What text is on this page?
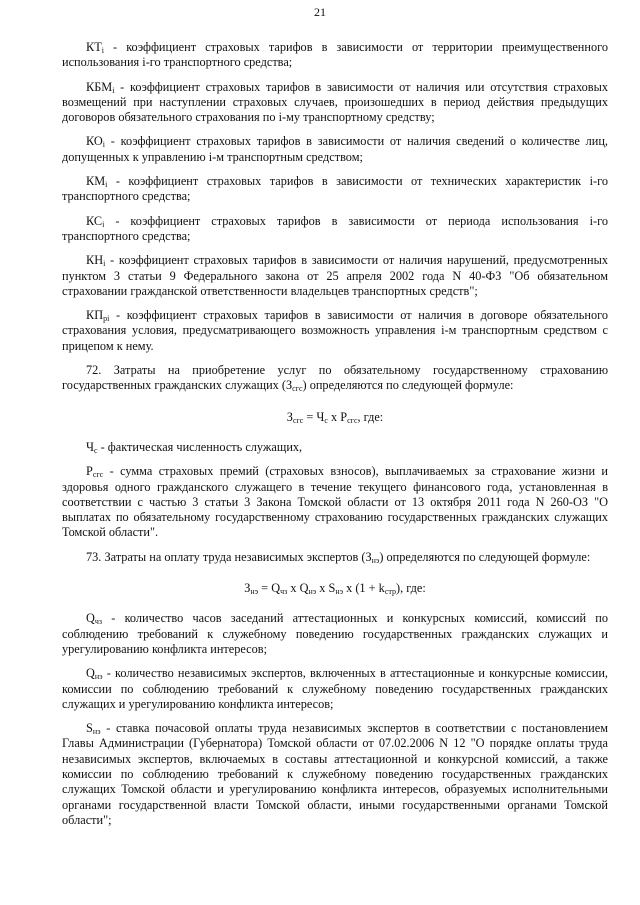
21

$КТ_i$ - коэффициент страховых тарифов в зависимости от территории преимущественного использования i-го транспортного средства;

$КБМ_i$ - коэффициент страховых тарифов в зависимости от наличия или отсутствия страховых возмещений при наступлении страховых случаев, произошедших в период действия предыдущих договоров обязательного страхования по i-му транспортному средству;

$КО_i$ - коэффициент страховых тарифов в зависимости от наличия сведений о количестве лиц, допущенных к управлению i-м транспортным средством;

$КМ_i$ - коэффициент страховых тарифов в зависимости от технических характеристик i-го транспортного средства;

$КС_i$ - коэффициент страховых тарифов в зависимости от периода использования i-го транспортного средства;

$КН_i$ - коэффициент страховых тарифов в зависимости от наличия нарушений, предусмотренных пунктом 3 статьи 9 Федерального закона от 25 апреля 2002 года N 40-ФЗ "Об обязательном страховании гражданской ответственности владельцев транспортных средств";

$КП_{рi}$ - коэффициент страховых тарифов в зависимости от наличия в договоре обязательного страхования условия, предусматривающего возможность управления i-м транспортным средством с прицепом к нему.

72. Затраты на приобретение услуг по обязательному государственному страхованию государственных гражданских служащих $(З_{сгс})$ определяются по следующей формуле:

$З_{сгс} = Ч_с$ х $Р_{сгс}$, где:

$Ч_с$ - фактическая численность служащих,

$Р_{сгс}$ - сумма страховых премий (страховых взносов), выплачиваемых за страхование жизни и здоровья одного гражданского служащего в течение текущего финансового года, установленная в соответствии с частью 3 статьи 3 Закона Томской области от 13 октября 2011 года N 260-ОЗ "О выплатах по обязательному государственному страхованию государственных гражданских служащих Томской области".

73. Затраты на оплату труда независимых экспертов $(З_{нэ})$ определяются по следующей формуле:

$З_{нэ} = Q_{чз}$ х $Q_{нэ}$ х $S_{нэ}$ х $(1 + k_{стр})$, где:

$Q_{чз}$ - количество часов заседаний аттестационных и конкурсных комиссий, комиссий по соблюдению требований к служебному поведению государственных гражданских служащих и урегулированию конфликта интересов;

$Q_{нэ}$ - количество независимых экспертов, включенных в аттестационные и конкурсные комиссии, комиссии по соблюдению требований к служебному поведению государственных гражданских служащих и урегулированию конфликта интересов;

$S_{нэ}$ - ставка почасовой оплаты труда независимых экспертов в соответствии с постановлением Главы Администрации (Губернатора) Томской области от 07.02.2006 N 12 "О порядке оплаты труда независимых экспертов, включаемых в составы аттестационной и конкурсной комиссий, а также комиссии по соблюдению требований к служебному поведению государственных гражданских служащих Томской области и урегулированию конфликта интересов, образуемых исполнительными органами государственной власти Томской области, иными государственными органами Томской области";
